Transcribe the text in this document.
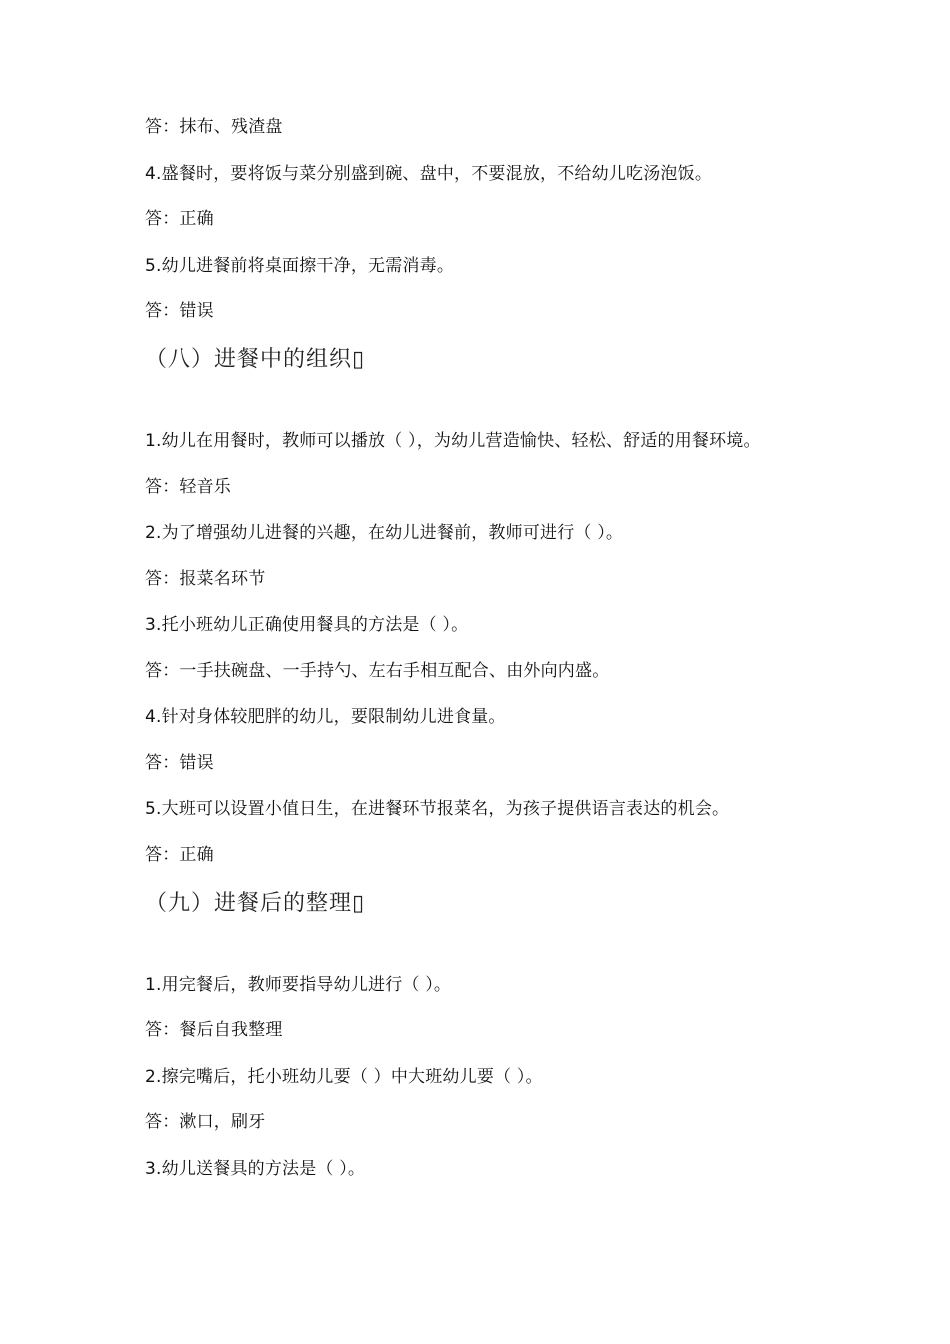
答：抹布、残渣盘
4.盛餐时，要将饭与菜分别盛到碗、盘中，不要混放，不给幼儿吃汤泡饭。
答：正确
5.幼儿进餐前将桌面擦干净，无需消毒。
答：错误
（八）进餐中的组织▯
1.幼儿在用餐时，教师可以播放（ ），为幼儿营造愉快、轻松、舒适的用餐环境。
答：轻音乐
2.为了增强幼儿进餐的兴趣，在幼儿进餐前，教师可进行（ ）。
答：报菜名环节
3.托小班幼儿正确使用餐具的方法是（ ）。
答：一手扶碗盘、一手持勺、左右手相互配合、由外向内盛。
4.针对身体较肥胖的幼儿，要限制幼儿进食量。
答：错误
5.大班可以设置小值日生，在进餐环节报菜名，为孩子提供语言表达的机会。
答：正确
（九）进餐后的整理▯
1.用完餐后，教师要指导幼儿进行（ ）。
答：餐后自我整理
2.擦完嘴后，托小班幼儿要（ ）中大班幼儿要（ ）。
答：漱口，刷牙
3.幼儿送餐具的方法是（ ）。
